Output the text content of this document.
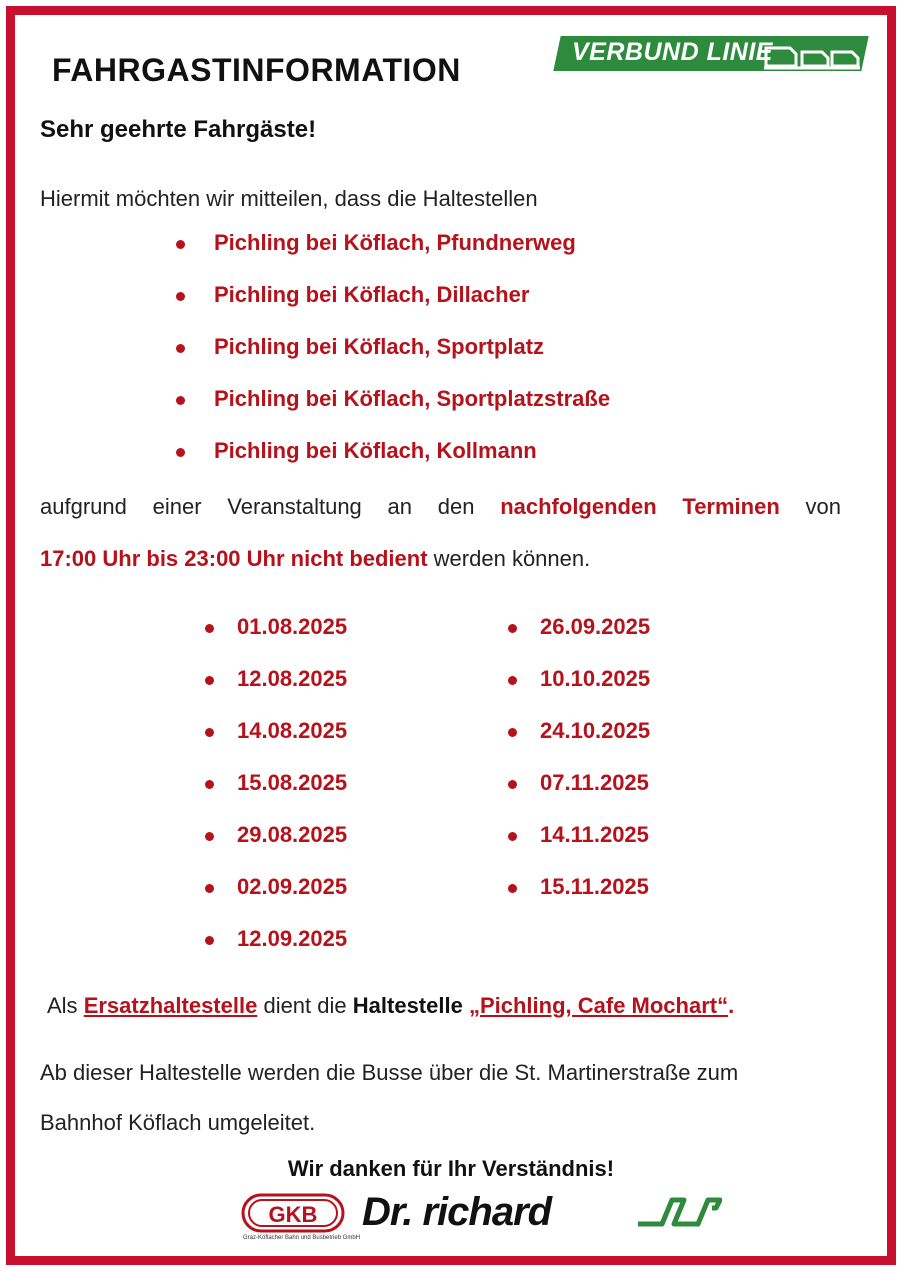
FAHRGASTINFORMATION	VERBUND LINIE
Sehr geehrte Fahrgäste!
Hiermit möchten wir mitteilen, dass die Haltestellen
Pichling bei Köflach, Pfundnerweg
Pichling bei Köflach, Dillacher
Pichling bei Köflach, Sportplatz
Pichling bei Köflach, Sportplatzstraße
Pichling bei Köflach, Kollmann
aufgrund einer Veranstaltung an den nachfolgenden Terminen von
17:00 Uhr bis 23:00 Uhr nicht bedient werden können.
01.08.2025
12.08.2025
14.08.2025
15.08.2025
29.08.2025
02.09.2025
12.09.2025
26.09.2025
10.10.2025
24.10.2025
07.11.2025
14.11.2025
15.11.2025
Als Ersatzhaltestelle dient die Haltestelle „Pichling, Cafe Mochart“.
Ab dieser Haltestelle werden die Busse über die St. Martinerstraße zum
Bahnhof Köflach umgeleitet.
Wir danken für Ihr Verständnis!
GKB
Graz-Köflacher Bahn und Busbetrieb GmbH
Dr. richard
